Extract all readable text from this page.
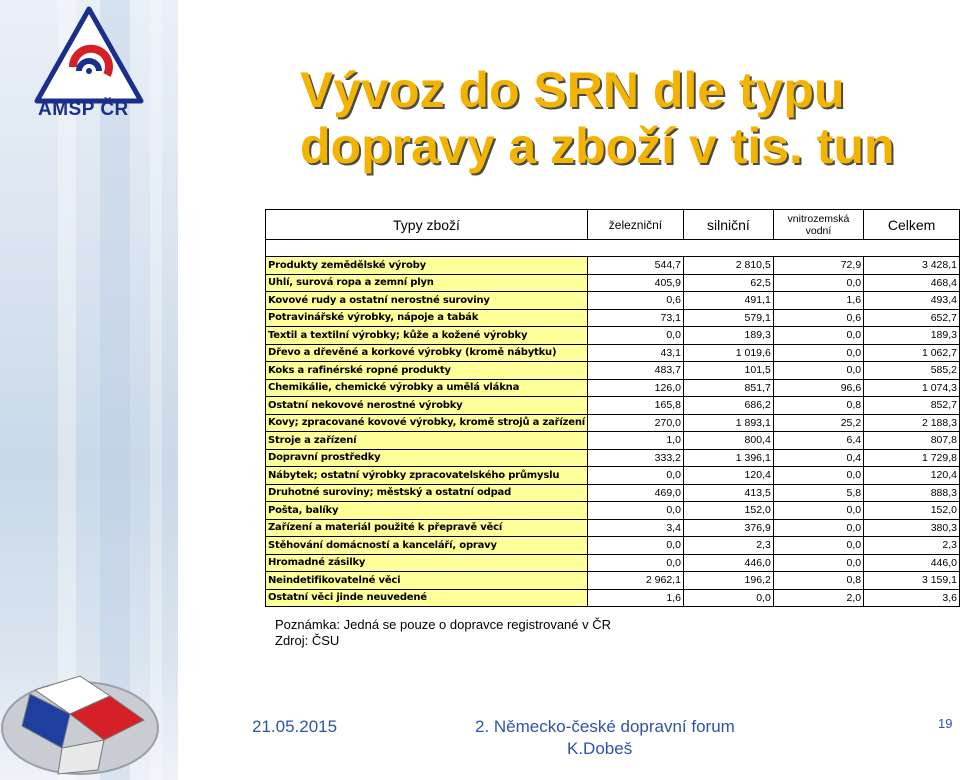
AMSP ČR	Vývoz do SRN dle typu
dopravy a zboží v tis. tun
Typy zboží	železniční	silniční	vnitrozemská vodní	Celkem

Produkty zemědělské výroby	544,7	2 810,5	72,9	3 428,1
Uhlí, surová ropa a zemní plyn	405,9	62,5	0,0	468,4
Kovové rudy a ostatní nerostné suroviny	0,6	491,1	1,6	493,4
Potravinářské výrobky, nápoje a tabák	73,1	579,1	0,6	652,7
Textil a textilní výrobky; kůže a kožené výrobky	0,0	189,3	0,0	189,3
Dřevo a dřevěné a korkové výrobky (kromě nábytku)	43,1	1 019,6	0,0	1 062,7
Koks a rafinérské ropné produkty	483,7	101,5	0,0	585,2
Chemikálie, chemické výrobky a umělá vlákna	126,0	851,7	96,6	1 074,3
Ostatní nekovové nerostné výrobky	165,8	686,2	0,8	852,7
Kovy; zpracované kovové výrobky, kromě strojů a zařízení	270,0	1 893,1	25,2	2 188,3
Stroje a zařízení	1,0	800,4	6,4	807,8
Dopravní prostředky	333,2	1 396,1	0,4	1 729,8
Nábytek; ostatní výrobky zpracovatelského průmyslu	0,0	120,4	0,0	120,4
Druhotné suroviny; městský a ostatní odpad	469,0	413,5	5,8	888,3
Pošta, balíky	0,0	152,0	0,0	152,0
Zařízení a materiál použité k přepravě věcí	3,4	376,9	0,0	380,3
Stěhování domácností a kanceláří, opravy	0,0	2,3	0,0	2,3
Hromadné zásilky	0,0	446,0	0,0	446,0
Neindetifikovatelné věci	2 962,1	196,2	0,8	3 159,1
Ostatní věci jinde neuvedené	1,6	0,0	2,0	3,6
Poznámka: Jedná se pouze o dopravce registrované v ČR
Zdroj: ČSU
21.05.2015	2. Německo-české dopravní forum
K.Dobeš
19
